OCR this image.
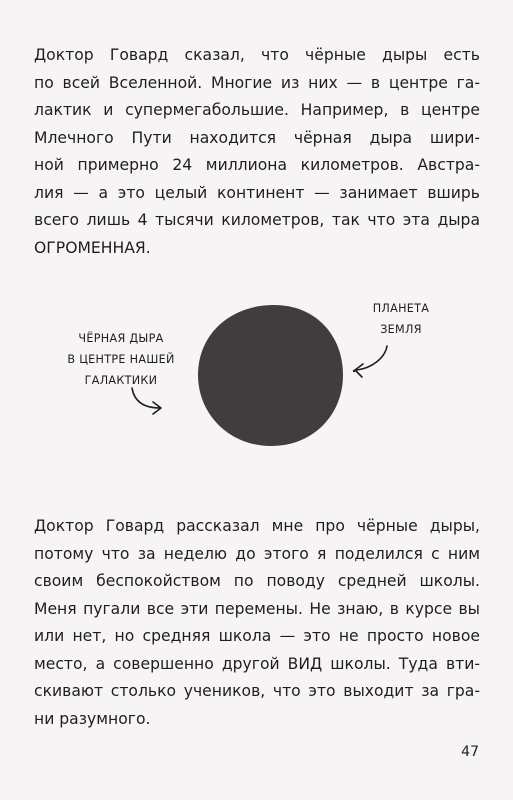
Доктор Говард сказал, что чёрные дыры есть
по всей Вселенной. Многие из них — в центре га-
лактик и супермегабольшие. Например, в центре
Млечного Пути находится чёрная дыра шири-
ной примерно 24 миллиона километров. Австра-
лия — а это целый континент — занимает вширь
всего лишь 4 тысячи километров, так что эта дыра
ОГРОМЕННАЯ.
ЧЁРНАЯ ДЫРА
В ЦЕНТРЕ НАШЕЙ
ГАЛАКТИКИ
ПЛАНЕТА
ЗЕМЛЯ
Доктор Говард рассказал мне про чёрные дыры,
потому что за неделю до этого я поделился с ним
своим беспокойством по поводу средней школы.
Меня пугали все эти перемены. Не знаю, в курсе вы
или нет, но средняя школа — это не просто новое
место, а совершенно другой ВИД школы. Туда вти-
скивают столько учеников, что это выходит за гра-
ни разумного.
47
